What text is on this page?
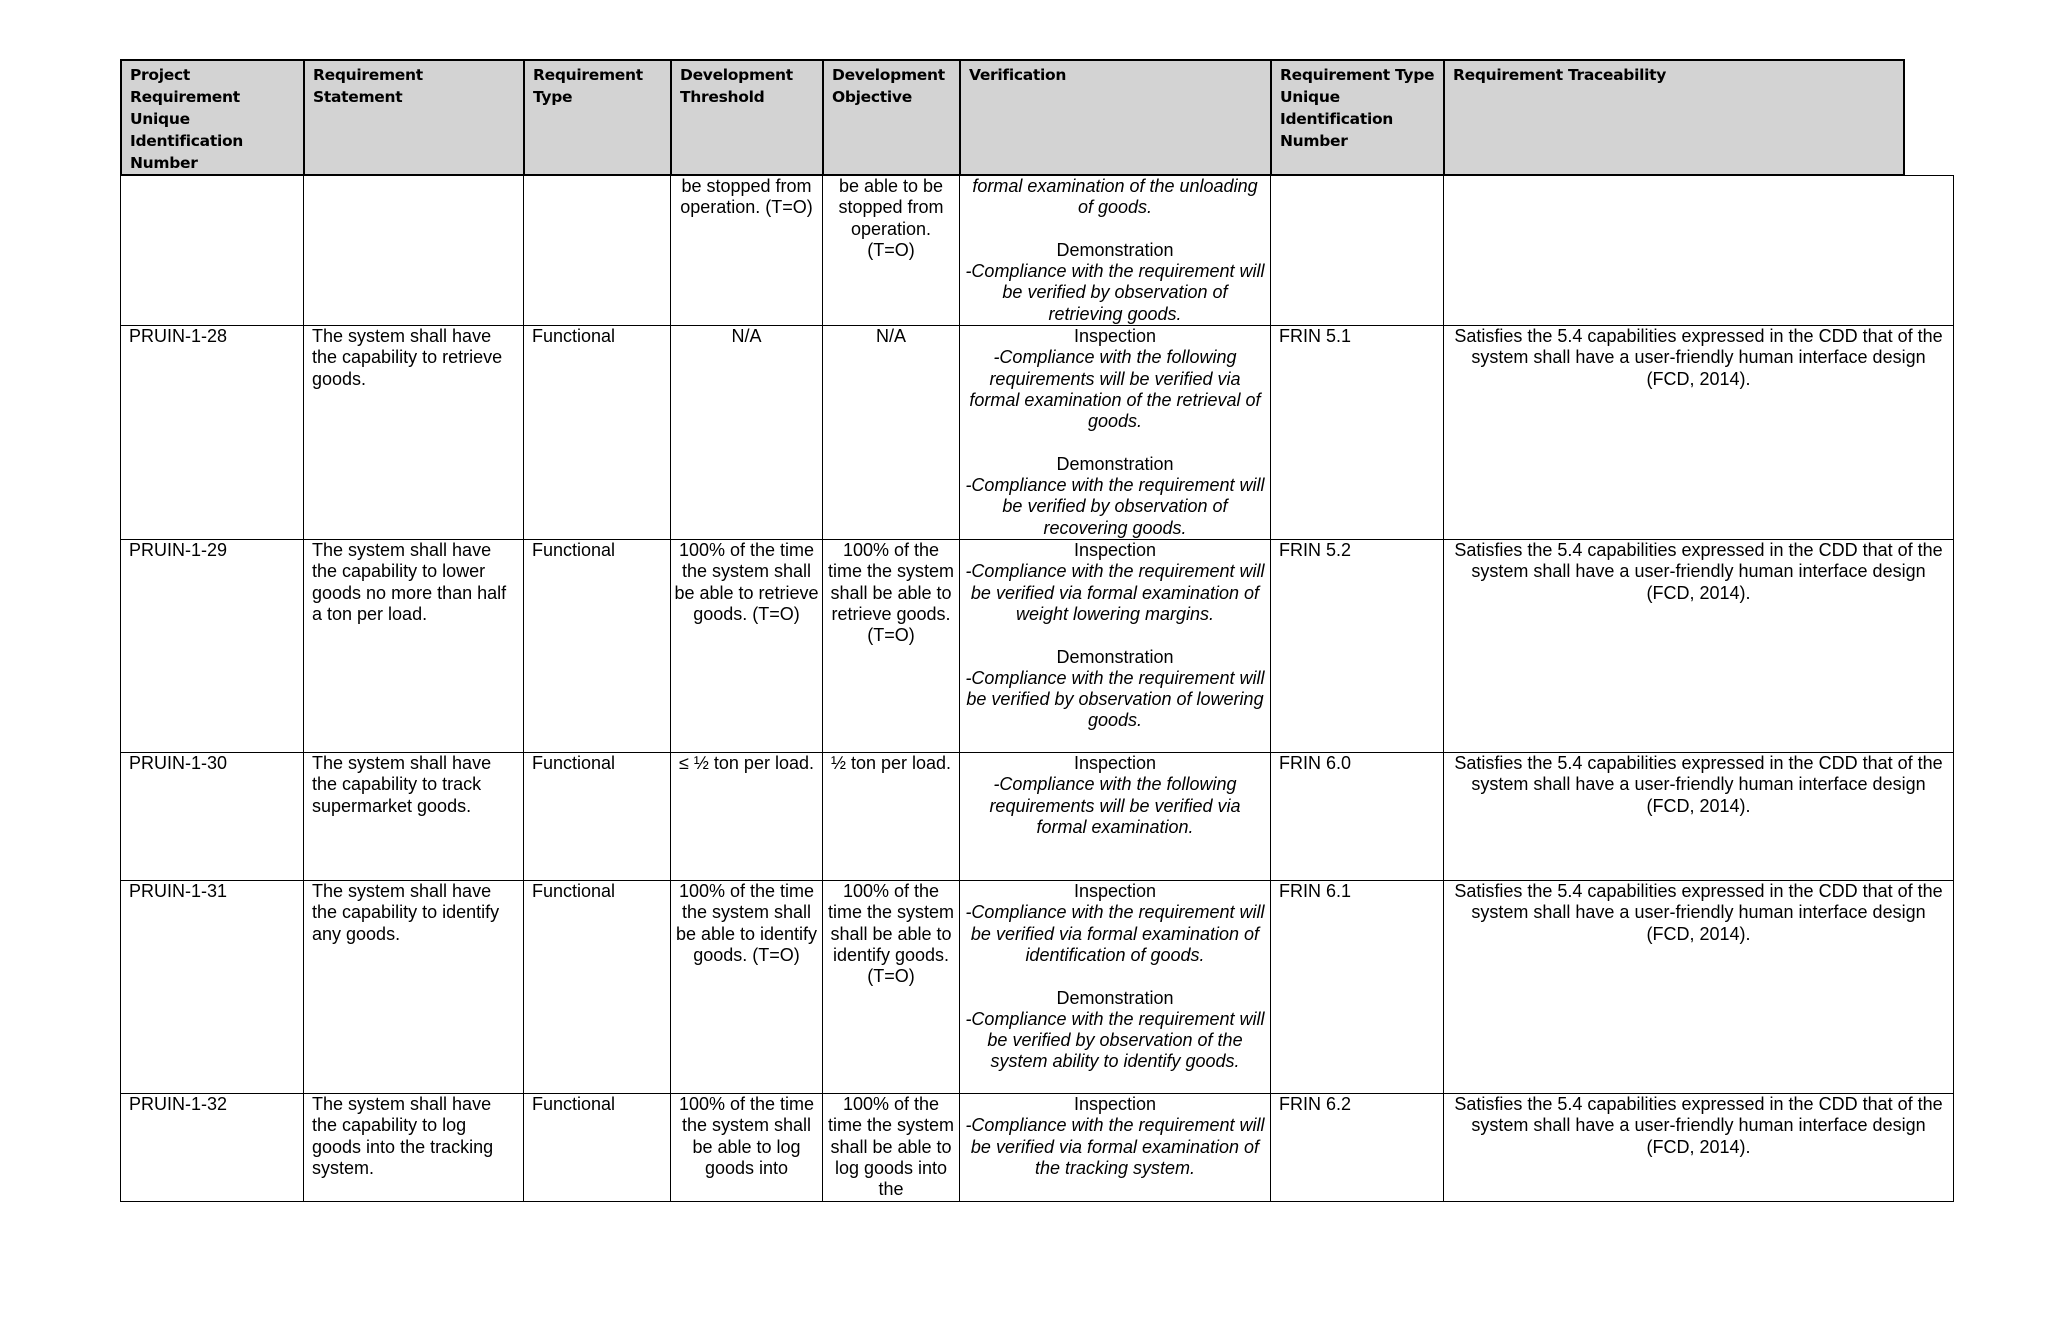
Project Requirement Unique Identification Number	Requirement Statement	Requirement Type	Development Threshold	Development Objective	Verification	Requirement Type Unique Identification Number	Requirement Traceability
			be stopped from operation. (T=O)	be able to be stopped from operation. (T=O)	formal examination of the unloading of goods.
Demonstration
-Compliance with the requirement will be verified by observation of retrieving goods.		

PRUIN-1-28	The system shall have the capability to retrieve goods.	Functional	N/A	N/A	Inspection
-Compliance with the following requirements will be verified via formal examination of the retrieval of goods.
Demonstration
-Compliance with the requirement will be verified by observation of recovering goods.	FRIN 5.1	Satisfies the 5.4 capabilities expressed in the CDD that of the system shall have a user-friendly human interface design (FCD, 2014).
PRUIN-1-29	The system shall have the capability to lower goods no more than half a ton per load.	Functional	100% of the time the system shall be able to retrieve goods. (T=O)	100% of the time the system shall be able to retrieve goods. (T=O)	Inspection
-Compliance with the requirement will be verified via formal examination of weight lowering margins.
Demonstration
-Compliance with the requirement will be verified by observation of lowering goods.	FRIN 5.2	Satisfies the 5.4 capabilities expressed in the CDD that of the system shall have a user-friendly human interface design (FCD, 2014).
PRUIN-1-30	The system shall have the capability to track supermarket goods.	Functional	≤ ½ ton per load.	½ ton per load.	Inspection
-Compliance with the following requirements will be verified via formal examination.	FRIN 6.0	Satisfies the 5.4 capabilities expressed in the CDD that of the system shall have a user-friendly human interface design (FCD, 2014).
PRUIN-1-31	The system shall have the capability to identify any goods.	Functional	100% of the time the system shall be able to identify goods. (T=O)	100% of the time the system shall be able to identify goods. (T=O)	Inspection
-Compliance with the requirement will be verified via formal examination of identification of goods.
Demonstration
-Compliance with the requirement will be verified by observation of the system ability to identify goods.	FRIN 6.1	Satisfies the 5.4 capabilities expressed in the CDD that of the system shall have a user-friendly human interface design (FCD, 2014).
PRUIN-1-32	The system shall have the capability to log goods into the tracking system.	Functional	100% of the time the system shall be able to log goods into	100% of the time the system shall be able to log goods into the	Inspection
-Compliance with the requirement will be verified via formal examination of the tracking system.	FRIN 6.2	Satisfies the 5.4 capabilities expressed in the CDD that of the system shall have a user-friendly human interface design (FCD, 2014).
